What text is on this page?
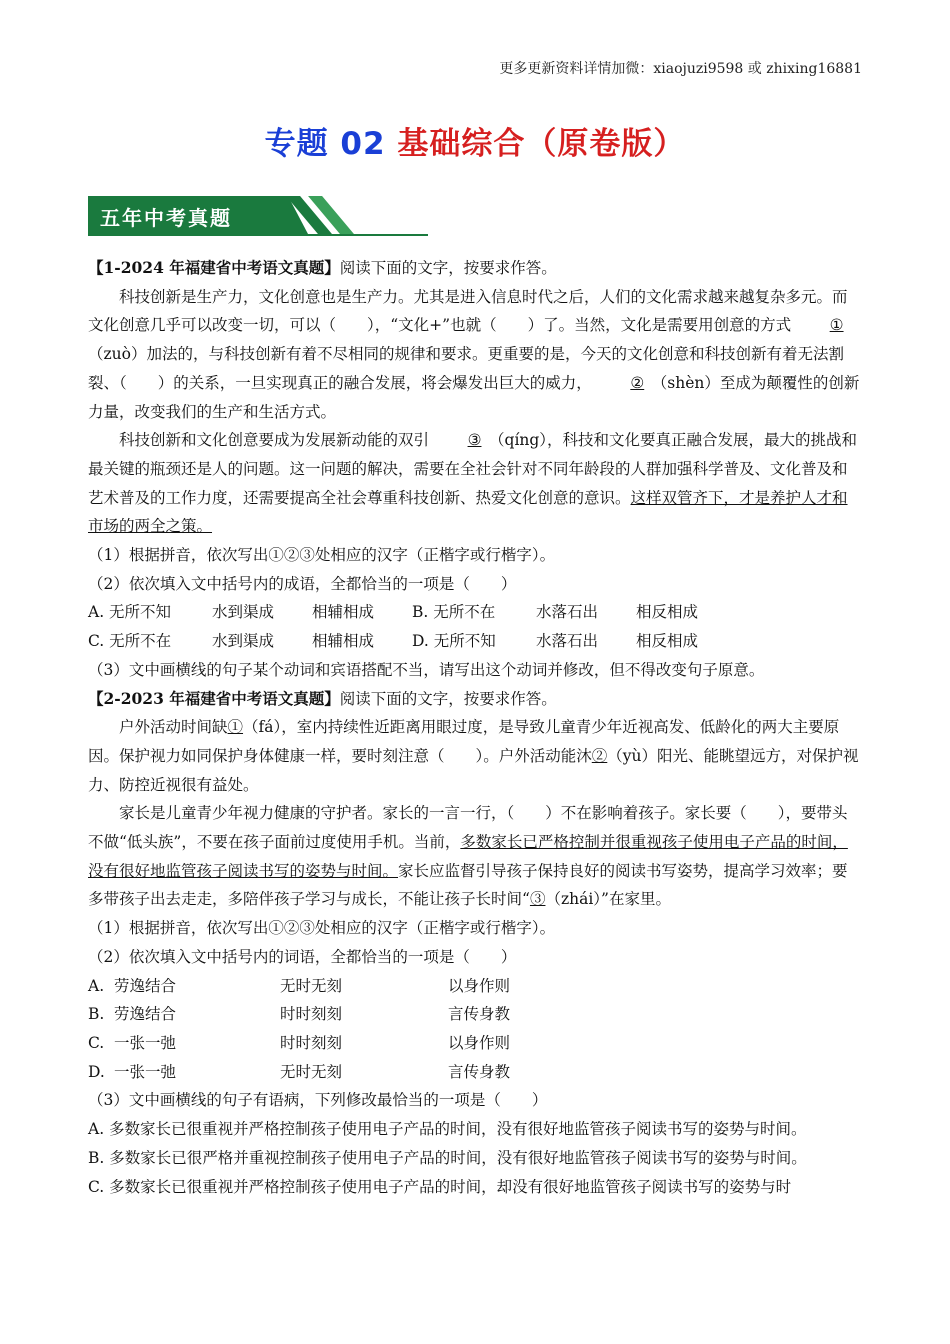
更多更新资料详情加微：xiaojuzi9598 或 zhixing16881
专题 02 基础综合（原卷版）
五年中考真题

【1-2024 年福建省中考语文真题】阅读下面的文字，按要求作答。

科技创新是生产力，文化创意也是生产力。尤其是进入信息时代之后，人们的文化需求越来越复杂多元。而文化创意几乎可以改变一切，可以（　　），“文化+”也就（　　）了。当然，文化是需要用创意的方式 ①（zuò）加法的，与科技创新有着不尽相同的规律和要求。更重要的是，今天的文化创意和科技创新有着无法割裂、（　　）的关系，一旦实现真正的融合发展，将会爆发出巨大的威力， ② （shèn）至成为颠覆性的创新力量，改变我们的生产和生活方式。

科技创新和文化创意要成为发展新动能的双引 ③ （qíng），科技和文化要真正融合发展，最大的挑战和最关键的瓶颈还是人的问题。这一问题的解决，需要在全社会针对不同年龄段的人群加强科学普及、文化普及和艺术普及的工作力度，还需要提高全社会尊重科技创新、热爱文化创意的意识。这样双管齐下，才是养护人才和市场的两全之策。

（1）根据拼音，依次写出①②③处相应的汉字（正楷字或行楷字）。

（2）依次填入文中括号内的成语，全都恰当的一项是（　　）

A. 无所不知	水到渠成	相辅相成	B. 无所不在	水落石出	相反相成

C. 无所不在	水到渠成	相辅相成	D. 无所不知	水落石出	相反相成

（3）文中画横线的句子某个动词和宾语搭配不当，请写出这个动词并修改，但不得改变句子原意。

【2-2023 年福建省中考语文真题】阅读下面的文字，按要求作答。

户外活动时间缺①（fá），室内持续性近距离用眼过度，是导致儿童青少年近视高发、低龄化的两大主要原因。保护视力如同保护身体健康一样，要时刻注意（　　）。户外活动能沐②（yù）阳光、能眺望远方，对保护视力、防控近视很有益处。

家长是儿童青少年视力健康的守护者。家长的一言一行，（　　）不在影响着孩子。家长要（　　），要带头不做“低头族”，不要在孩子面前过度使用手机。当前，多数家长已严格控制并很重视孩子使用电子产品的时间，没有很好地监管孩子阅读书写的姿势与时间。家长应监督引导孩子保持良好的阅读书写姿势，提高学习效率；要多带孩子出去走走，多陪伴孩子学习与成长，不能让孩子长时间“③（zhái）”在家里。

（1）根据拼音，依次写出①②③处相应的汉字（正楷字或行楷字）。

（2）依次填入文中括号内的词语，全都恰当的一项是（　　）

A. 劳逸结合	无时无刻	以身作则

B. 劳逸结合	时时刻刻	言传身教

C. 一张一弛	时时刻刻	以身作则

D. 一张一弛	无时无刻	言传身教

（3）文中画横线的句子有语病，下列修改最恰当的一项是（　　）

A. 多数家长已很重视并严格控制孩子使用电子产品的时间，没有很好地监管孩子阅读书写的姿势与时间。

B. 多数家长已很严格并重视控制孩子使用电子产品的时间，没有很好地监管孩子阅读书写的姿势与时间。

C. 多数家长已很重视并严格控制孩子使用电子产品的时间，却没有很好地监管孩子阅读书写的姿势与时
